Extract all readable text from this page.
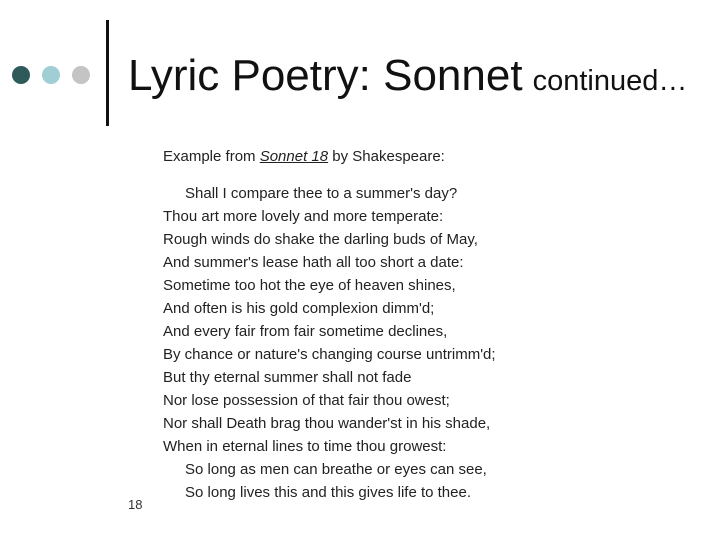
Lyric Poetry: Sonnet continued…
Example from Sonnet 18 by Shakespeare:
Shall I compare thee to a summer's day?
Thou art more lovely and more temperate:
Rough winds do shake the darling buds of May,
And summer's lease hath all too short a date:
Sometime too hot the eye of heaven shines,
And often is his gold complexion dimm'd;
And every fair from fair sometime declines,
By chance or nature's changing course untrimm'd;
But thy eternal summer shall not fade
Nor lose possession of that fair thou owest;
Nor shall Death brag thou wander'st in his shade,
When in eternal lines to time thou growest:
So long as men can breathe or eyes can see,
So long lives this and this gives life to thee.
18
